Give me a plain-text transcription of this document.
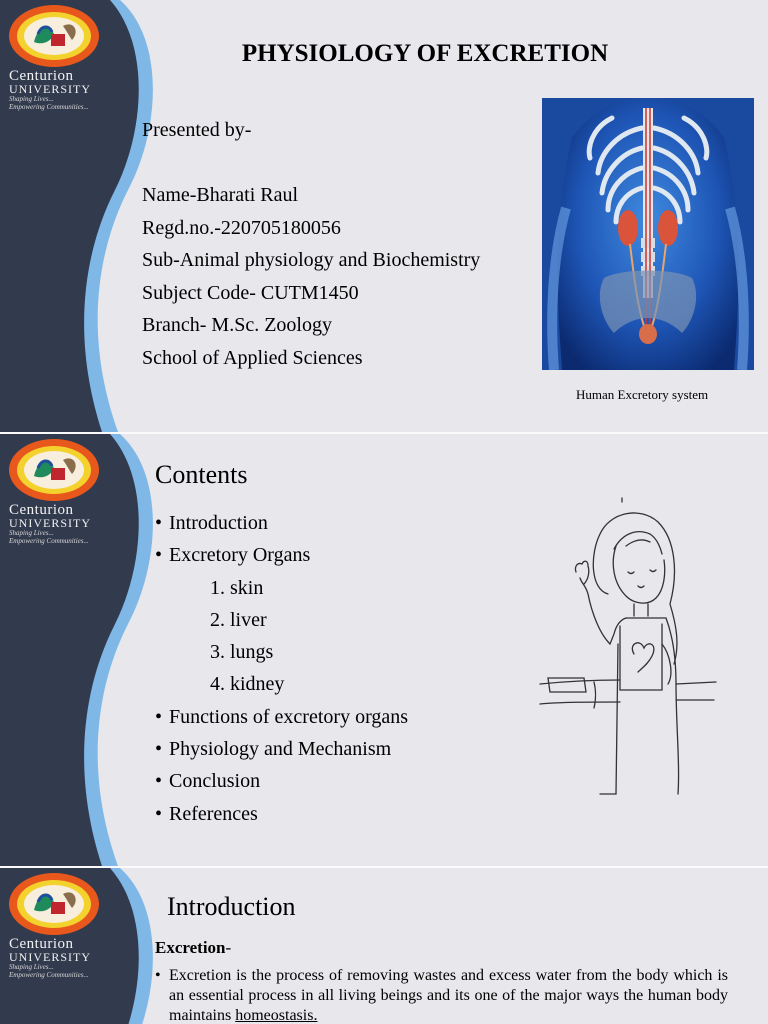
Centurion
UNIVERSITY
Shaping Lives...
Empowering Communities...
PHYSIOLOGY OF EXCRETION
Presented by-

Name-Bharati Raul
Regd.no.-220705180056
Sub-Animal physiology and Biochemistry
Subject Code- CUTM1450
Branch- M.Sc. Zoology
School of Applied Sciences
Human Excretory system
Centurion
UNIVERSITY
Shaping Lives...
Empowering Communities...
Contents
• Introduction
• Excretory Organs
1. skin
2. liver
3. lungs
4. kidney
• Functions of excretory organs
• Physiology and Mechanism
• Conclusion
• References
Centurion
UNIVERSITY
Shaping Lives...
Empowering Communities...
Introduction
Excretion-
• Excretion is the process of removing wastes and excess water from the body which is an essential process in all living beings and its one of the major ways the human body maintains homeostasis.
